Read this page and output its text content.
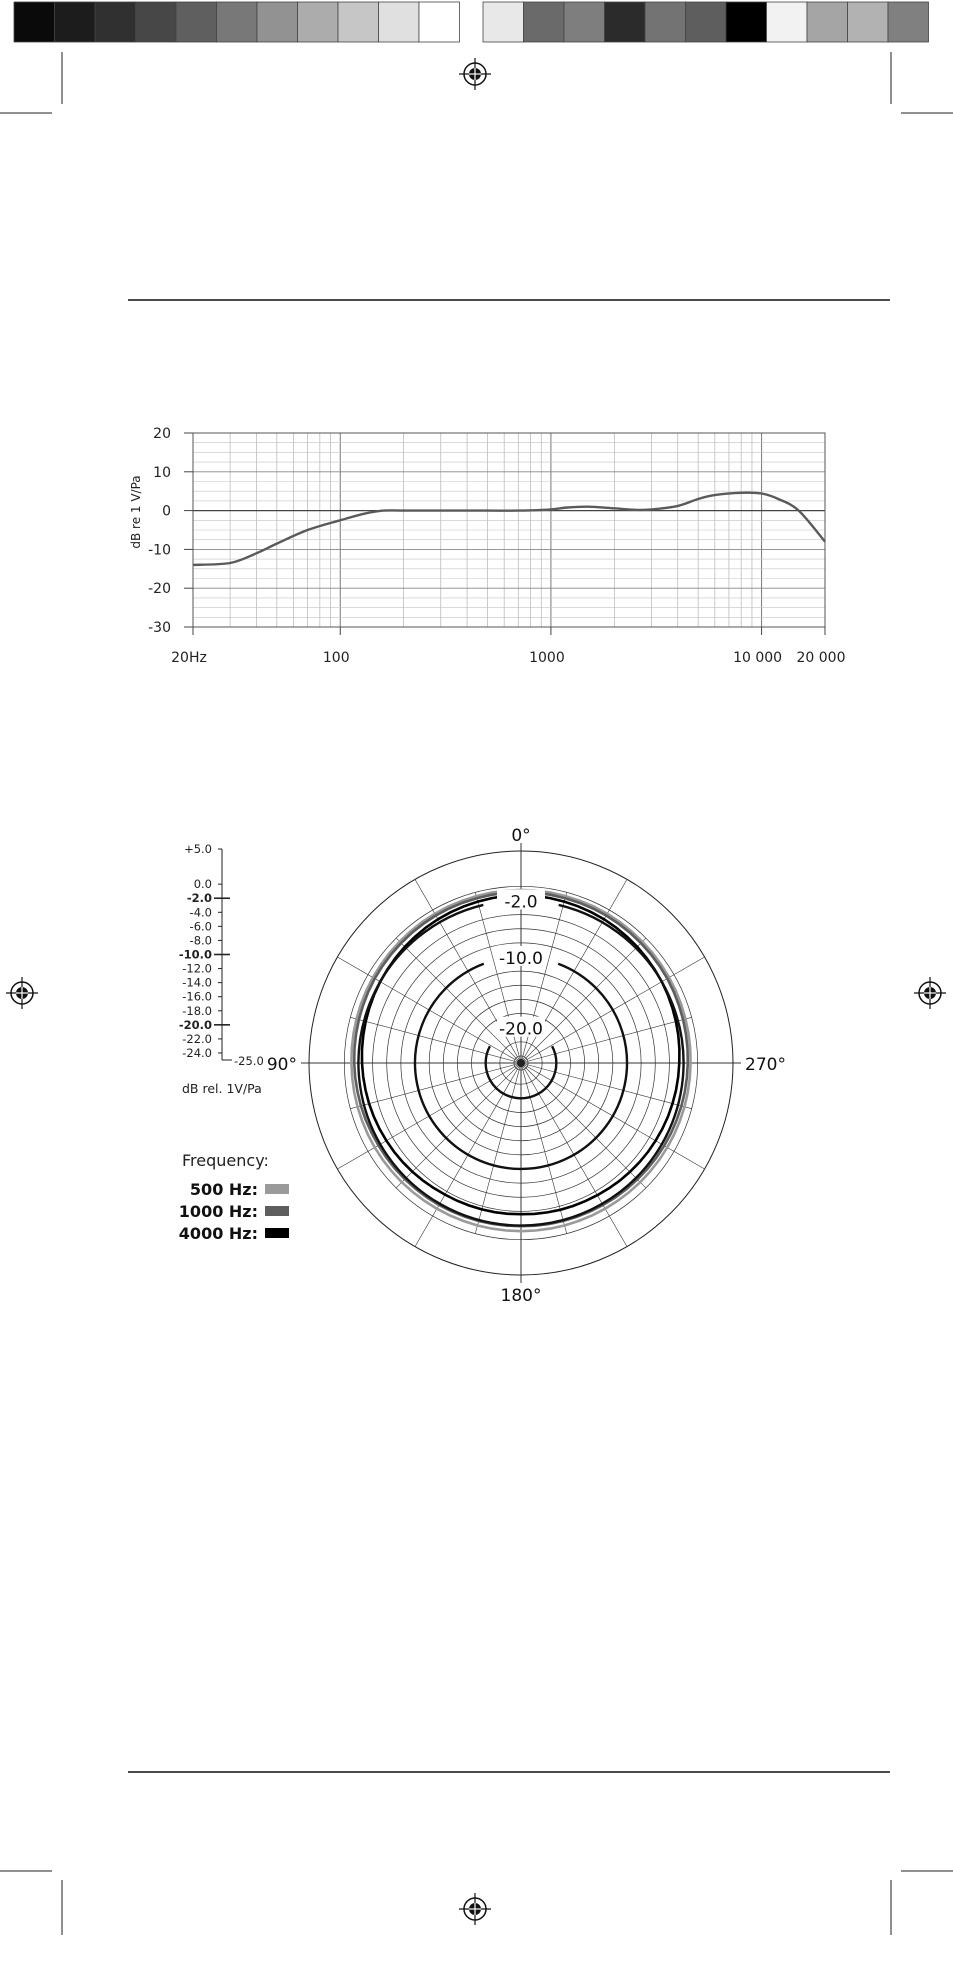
20
10
0
-10
-20
-30
20Hz	100	1000	10 000 20 000
dB re 1 V/Pa
-2.0
-10.0
-20.0
0°
90°
180°
270°
+5.0
0.0
-2.0
-4.0
-6.0
-8.0
-10.0
-12.0
-14.0
-16.0
-18.0
-20.0
-22.0
-24.0
-25.0
dB rel. 1V/Pa
Frequency:
500 Hz:
1000 Hz:
4000 Hz:
